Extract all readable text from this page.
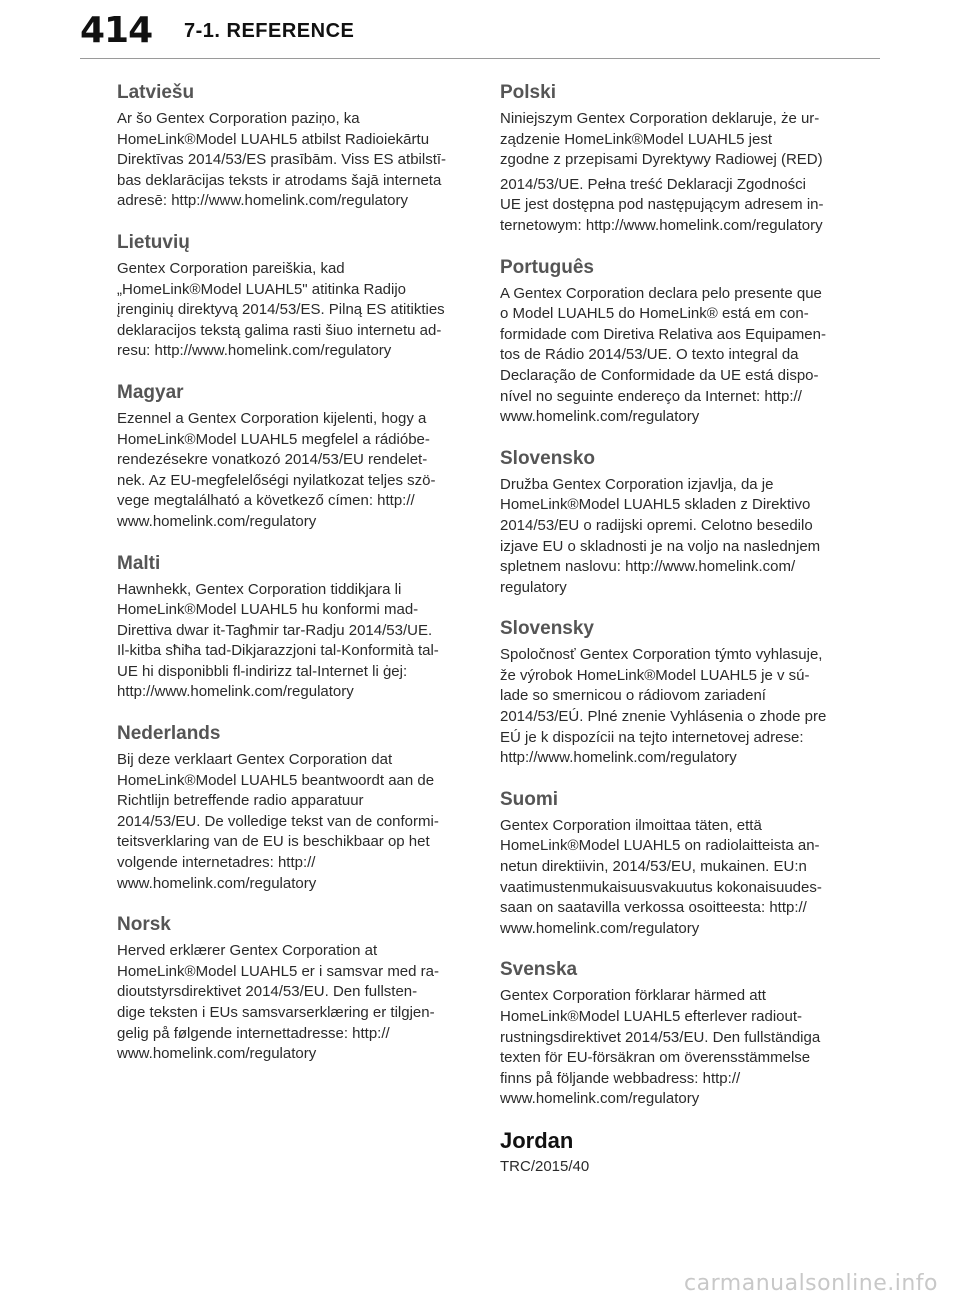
414 7-1. REFERENCE
Latviešu

Ar šo Gentex Corporation paziņo, ka
HomeLink®Model LUAHL5 atbilst Radioiekārtu
Direktīvas 2014/53/ES prasībām. Viss ES atbilstī-
bas deklarācijas teksts ir atrodams šajā interneta
adresē: http://www.homelink.com/regulatory

Lietuvių

Gentex Corporation pareiškia, kad
„HomeLink®Model LUAHL5" atitinka Radijo
įrenginių direktyvą 2014/53/ES. Pilną ES atitikties
deklaracijos tekstą galima rasti šiuo internetu ad-
resu: http://www.homelink.com/regulatory

Magyar

Ezennel a Gentex Corporation kijelenti, hogy a
HomeLink®Model LUAHL5 megfelel a rádióbe-
rendezésekre vonatkozó 2014/53/EU rendelet-
nek. Az EU-megfelelőségi nyilatkozat teljes szö-
vege megtalálható a következő címen: http://
www.homelink.com/regulatory

Malti

Hawnhekk, Gentex Corporation tiddikjara li
HomeLink®Model LUAHL5 hu konformi mad-
Direttiva dwar it-Tagħmir tar-Radju 2014/53/UE.
Il-kitba sħiħa tad-Dikjarazzjoni tal-Konformità tal-
UE hi disponibbli fl-indirizz tal-Internet li ġej:
http://www.homelink.com/regulatory

Nederlands

Bij deze verklaart Gentex Corporation dat
HomeLink®Model LUAHL5 beantwoordt aan de
Richtlijn betreffende radio apparatuur
2014/53/EU. De volledige tekst van de conformi-
teitsverklaring van de EU is beschikbaar op het
volgende internetadres: http://
www.homelink.com/regulatory

Norsk

Herved erklærer Gentex Corporation at
HomeLink®Model LUAHL5 er i samsvar med ra-
dioutstyrsdirektivet 2014/53/EU. Den fullsten-
dige teksten i EUs samsvarserklæring er tilgjen-
gelig på følgende internettadresse: http://
www.homelink.com/regulatory

Polski

Niniejszym Gentex Corporation deklaruje, że ur-
ządzenie HomeLink®Model LUAHL5 jest
zgodne z przepisami Dyrektywy Radiowej (RED)

2014/53/UE. Pełna treść Deklaracji Zgodności
UE jest dostępna pod następującym adresem in-
ternetowym: http://www.homelink.com/regulatory

Português

A Gentex Corporation declara pelo presente que
o Model LUAHL5 do HomeLink® está em con-
formidade com Diretiva Relativa aos Equipamen-
tos de Rádio 2014/53/UE. O texto integral da
Declaração de Conformidade da UE está dispo-
nível no seguinte endereço da Internet: http://
www.homelink.com/regulatory

Slovensko

Družba Gentex Corporation izjavlja, da je
HomeLink®Model LUAHL5 skladen z Direktivo
2014/53/EU o radijski opremi. Celotno besedilo
izjave EU o skladnosti je na voljo na naslednjem
spletnem naslovu: http://www.homelink.com/
regulatory

Slovensky

Spoločnosť Gentex Corporation týmto vyhlasuje,
že výrobok HomeLink®Model LUAHL5 je v sú-
lade so smernicou o rádiovom zariadení
2014/53/EÚ. Plné znenie Vyhlásenia o zhode pre
EÚ je k dispozícii na tejto internetovej adrese:
http://www.homelink.com/regulatory

Suomi

Gentex Corporation ilmoittaa täten, että
HomeLink®Model LUAHL5 on radiolaitteista an-
netun direktiivin, 2014/53/EU, mukainen. EU:n
vaatimustenmukaisuusvakuutus kokonaisuudes-
saan on saatavilla verkossa osoitteesta: http://
www.homelink.com/regulatory

Svenska

Gentex Corporation förklarar härmed att
HomeLink®Model LUAHL5 efterlever radiout-
rustningsdirektivet 2014/53/EU. Den fullständiga
texten för EU-försäkran om överensstämmelse
finns på följande webbadress: http://
www.homelink.com/regulatory

Jordan

TRC/2015/40

carmanualsonline.info
